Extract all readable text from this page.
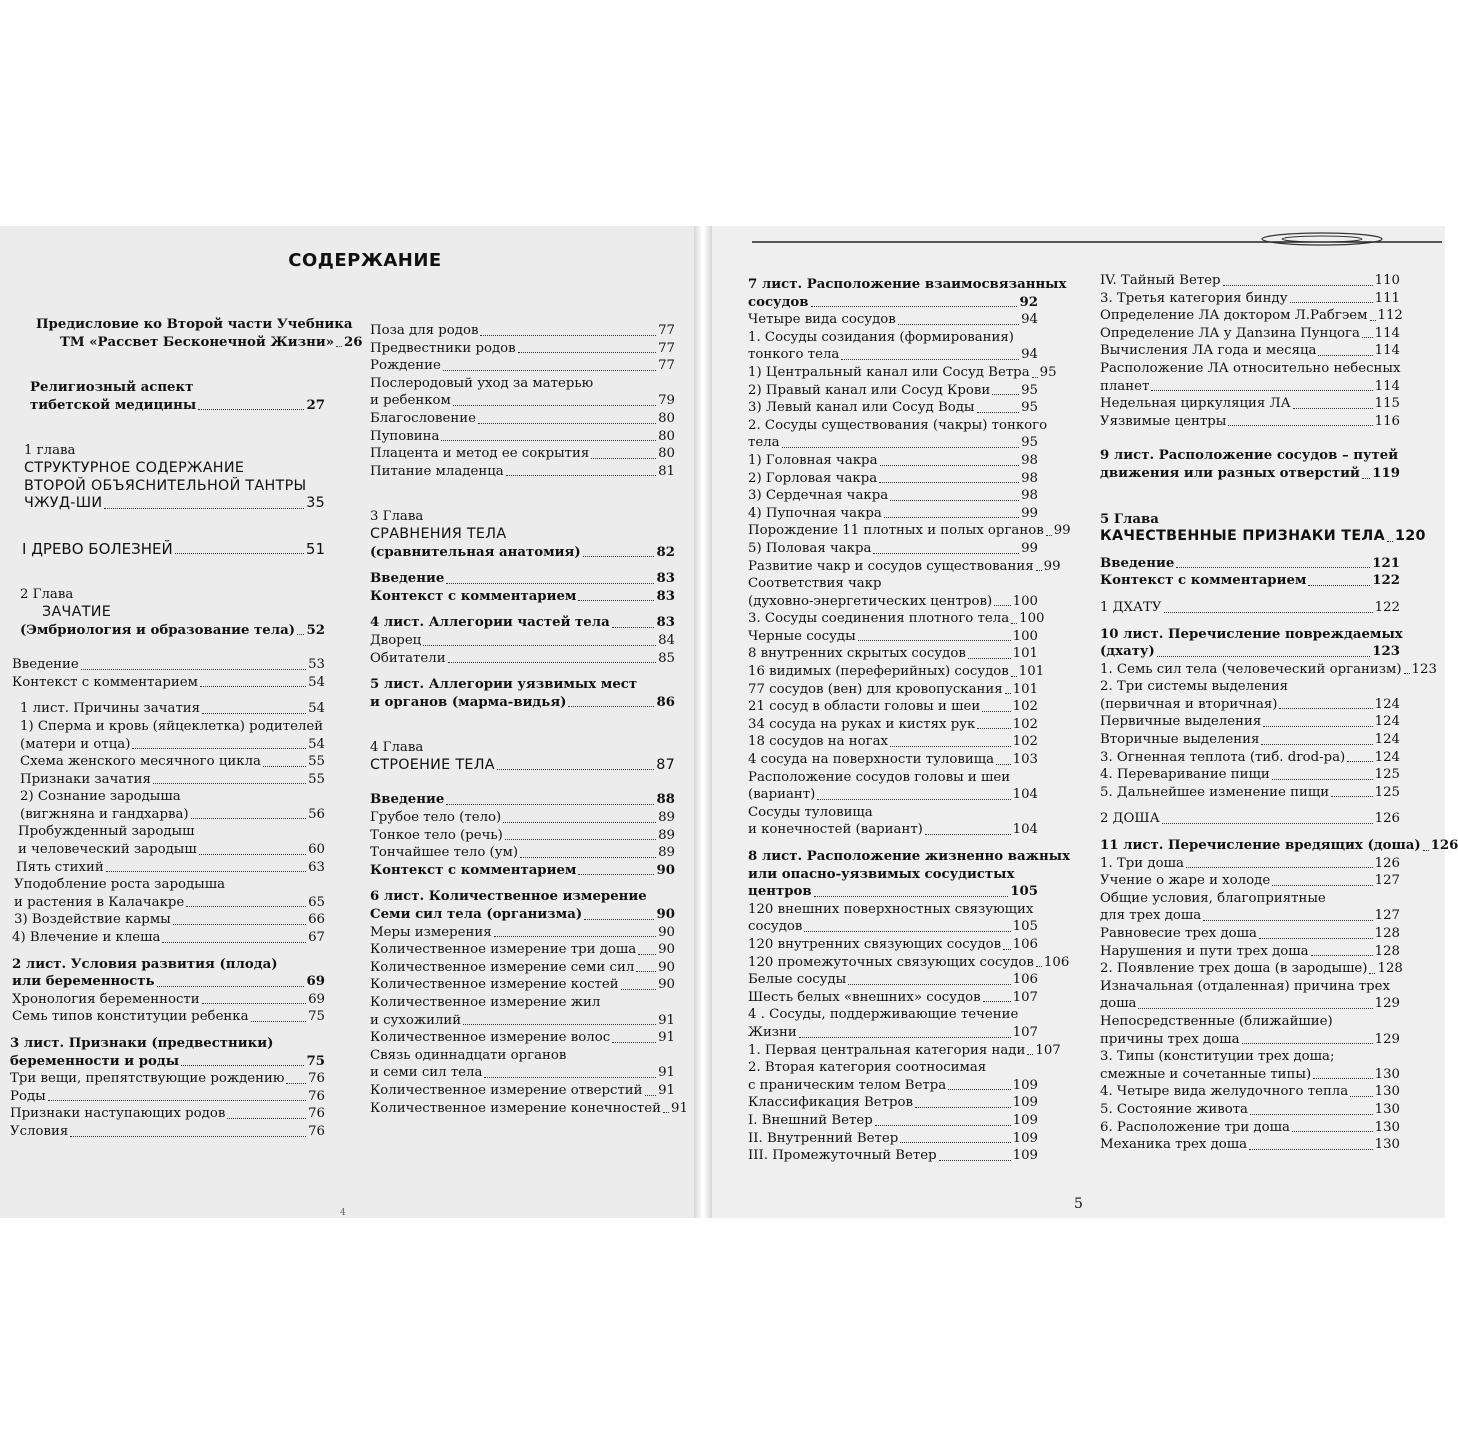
СОДЕРЖАНИЕ
Предисловие ко Второй части Учебника
ТМ «Рассвет Бесконечной Жизни» 26
Религиозный аспект
тибетской медицины	27
1 глава
СТРУКТУРНОЕ СОДЕРЖАНИЕ
ВТОРОЙ ОБЪЯСНИТЕЛЬНОЙ ТАНТРЫ
ЧЖУД-ШИ	35
I ДРЕВО БОЛЕЗНЕЙ	51
2 Глава
ЗАЧАТИЕ
(Эмбриология и образование тела) 52
Введение	53
Контекст с комментарием	54
1 лист. Причины зачатия	54
1) Сперма и кровь (яйцеклетка) родителей
(матери и отца)	54
Схема женского месячного цикла	55
Признаки зачатия	55
2) Сознание зародыша
(вигжняна и гандхарва)	56
Пробужденный зародыш
и человеческий зародыш	60
Пять стихий	63
Уподобление роста зародыша
и растения в Калачакре	65
3) Воздействие кармы	66
4) Влечение и клеша	67
2 лист. Условия развития (плода)
или беременность	69
Хронология беременности	69
Семь типов конституции ребенка	75
3 лист. Признаки (предвестники)
беременности и роды	75
Три вещи, препятствующие рождению 76
Роды	76
Признаки наступающих родов	76
Условия	76
Поза для родов	77
Предвестники родов	77
Рождение	77
Послеродовый уход за матерью
и ребенком	79
Благословение	80
Пуповина	80
Плацента и метод ее сокрытия	80
Питание младенца	81
3 Глава
СРАВНЕНИЯ ТЕЛА
(сравнительная анатомия)	82
Введение	83
Контекст с комментарием	83
4 лист. Аллегории частей тела	83
Дворец	84
Обитатели	85
5 лист. Аллегории уязвимых мест
и органов (марма-видья)	86
4 Глава
СТРОЕНИЕ ТЕЛА	87
Введение	88
Грубое тело (тело)	89
Тонкое тело (речь)	89
Тончайшее тело (ум)	89
Контекст с комментарием	90
6 лист. Количественное измерение
Семи сил тела (организма)	90
Меры измерения	90
Количественное измерение три доша 90
Количественное измерение семи сил 90
Количественное измерение костей	90
Количественное измерение жил
и сухожилий	91
Количественное измерение волос	91
Связь одиннадцати органов
и семи сил тела	91
Количественное измерение отверстий 91
Количественное измерение конечностей 91
4
7 лист. Расположение взаимосвязанных
сосудов	92
Четыре вида сосудов	94
1. Сосуды созидания (формирования)
тонкого тела	94
1) Центральный канал или Сосуд Ветра 95
2) Правый канал или Сосуд Крови 95
3) Левый канал или Сосуд Воды	95
2. Сосуды существования (чакры) тонкого
тела	95
1) Головная чакра	98
2) Горловая чакра	98
3) Сердечная чакра	98
4) Пупочная чакра	99
Порождение 11 плотных и полых органов 99
5) Половая чакра	99
Развитие чакр и сосудов существования 99
Соответствия чакр
(духовно-энергетических центров) 100
3. Сосуды соединения плотного тела 100
Черные сосуды	100
8 внутренних скрытых сосудов	101
16 видимых (переферийных) сосудов 101
77 сосудов (вен) для кровопускания 101
21 сосуд в области головы и шеи 102
34 сосуда на руках и кистях рук	102
18 сосудов на ногах	102
4 сосуда на поверхности туловища 103
Расположение сосудов головы и шеи
(вариант)	104
Сосуды туловища
и конечностей (вариант)	104
8 лист. Расположение жизненно важных
или опасно-уязвимых сосудистых
центров	105
120 внешних поверхностных связующих
сосудов	105
120 внутренних связующих сосудов 106
120 промежуточных связующих сосудов 106
Белые сосуды	106
Шесть белых «внешних» сосудов 107
4 . Сосуды, поддерживающие течение
Жизни	107
1. Первая центральная категория нади 107
2. Вторая категория соотносимая
с праническим телом Ветра	109
Классификация Ветров	109
I. Внешний Ветер	109
II. Внутренний Ветер	109
III. Промежуточный Ветер	109
IV. Тайный Ветер	110
3. Третья категория бинду	111
Определение ЛА доктором Л.Рабгэем 112
Определение ЛА у Дanзина Пунцога 114
Вычисления ЛА года и месяца	114
Расположение ЛА относительно небесных
планет	114
Недельная циркуляция ЛА	115
Уязвимые центры	116
9 лист. Расположение сосудов – путей
движения или разных отверстий 119
5 Глава
КАЧЕСТВЕННЫЕ ПРИЗНАКИ ТЕЛА 120
Введение	121
Контекст с комментарием	122
1 ДХАТУ	122
10 лист. Перечисление повреждаемых
(дхату)	123
1. Семь сил тела (человеческий организм) 123
2. Три системы выделения
(первичная и вторичная)	124
Первичные выделения	124
Вторичные выделения	124
3. Огненная теплота (тиб. drod-pa) 124
4. Переваривание пищи	125
5. Дальнейшее изменение пищи	125
2 ДОША	126
11 лист. Перечисление вредящих (доша) 126
1. Три доша	126
Учение о жаре и холоде	127
Общие условия, благоприятные
для трех доша	127
Равновесие трех доша	128
Нарушения и пути трех доша	128
2. Появление трех доша (в зародыше) 128
Изначальная (отдаленная) причина трех
доша	129
Непосредственные (ближайшие)
причины трех доша	129
3. Типы (конституции трех доша;
смежные и сочетанные типы)	130
4. Четыре вида желудочного тепла 130
5. Состояние живота	130
6. Расположение три доша	130
Механика трех доша	130
5
